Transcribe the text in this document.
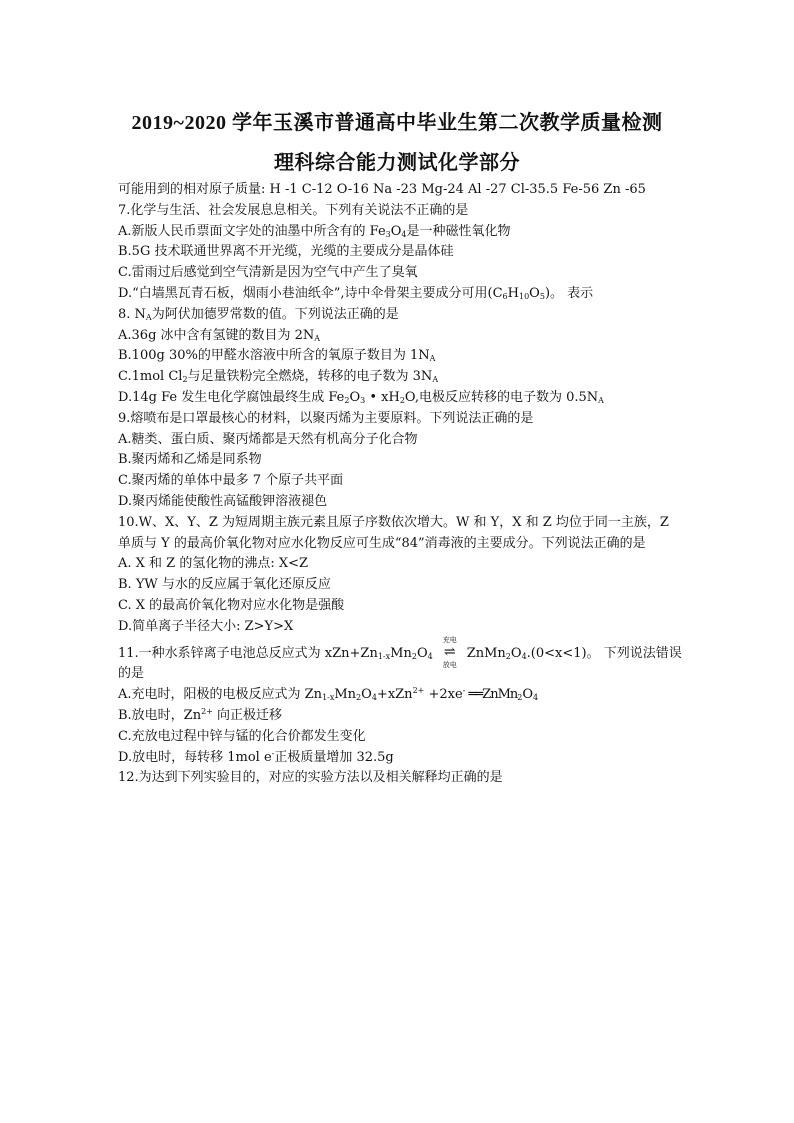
2019~2020 学年玉溪市普通高中毕业生第二次教学质量检测
理科综合能力测试化学部分
可能用到的相对原子质量: H -1 C-12 O-16 Na -23 Mg-24 Al -27 Cl-35.5 Fe-56 Zn -65
7.化学与生活、社会发展息息相关。下列有关说法不正确的是
A.新版人民币票面文字处的油墨中所含有的 $Fe_3O_4$是一种磁性氧化物
B.5G 技术联通世界离不开光缆，光缆的主要成分是晶体硅
C.雷雨过后感觉到空气清新是因为空气中产生了臭氧
D.“白墙黑瓦青石板，烟雨小巷油纸伞”,诗中伞骨架主要成分可用$(C_6H_{10}O_5)$。 表示
8. $N_A$为阿伏加德罗常数的值。下列说法正确的是
A.36g 冰中含有氢键的数目为 $2N_A$
B.100g 30%的甲醛水溶液中所含的氧原子数目为 $1N_A$
C.1mol $Cl_2$与足量铁粉完全燃烧，转移的电子数为 $3N_A$
D.14g Fe 发生电化学腐蚀最终生成 $Fe_2O_3$ • $xH_2O$,电极反应转移的电子数为 $0.5N_A$
9.熔喷布是口罩最核心的材料，以聚丙烯为主要原料。下列说法正确的是
A.糖类、蛋白质、聚丙烯都是天然有机高分子化合物
B.聚丙烯和乙烯是同系物
C.聚丙烯的单体中最多 7 个原子共平面
D.聚丙烯能使酸性高锰酸钾溶液褪色
10.W、X、Y、Z 为短周期主族元素且原子序数依次增大。W 和 Y，X 和 Z 均位于同一主族，Z 单质与 Y 的最高价氧化物对应水化物反应可生成“84”消毒液的主要成分。下列说法正确的是
A. X 和 Z 的氢化物的沸点: X<Z
B. YW 与水的反应属于氧化还原反应
C. X 的最高价氧化物对应水化物是强酸
D.简单离子半径大小: Z>Y>X
11.一种水系锌离子电池总反应式为 $xZn+Zn_{1-x}Mn_2O_4$
充电
⇌
放电
$ZnMn_2O_4.(0<x<1)$。 下列说法错误的是
A.充电时，阳极的电极反应式为 $Zn_{1-x}Mn_2O_4+xZn^{2+} +2xe^-$ $══ZnMn_2O_4$
B.放电时，$Zn^{2+}$ 向正极迁移
C.充放电过程中锌与锰的化合价都发生变化
D.放电时，每转移 1mol e-正极质量增加 32.5g
12.为达到下列实验目的，对应的实验方法以及相关解释均正确的是
